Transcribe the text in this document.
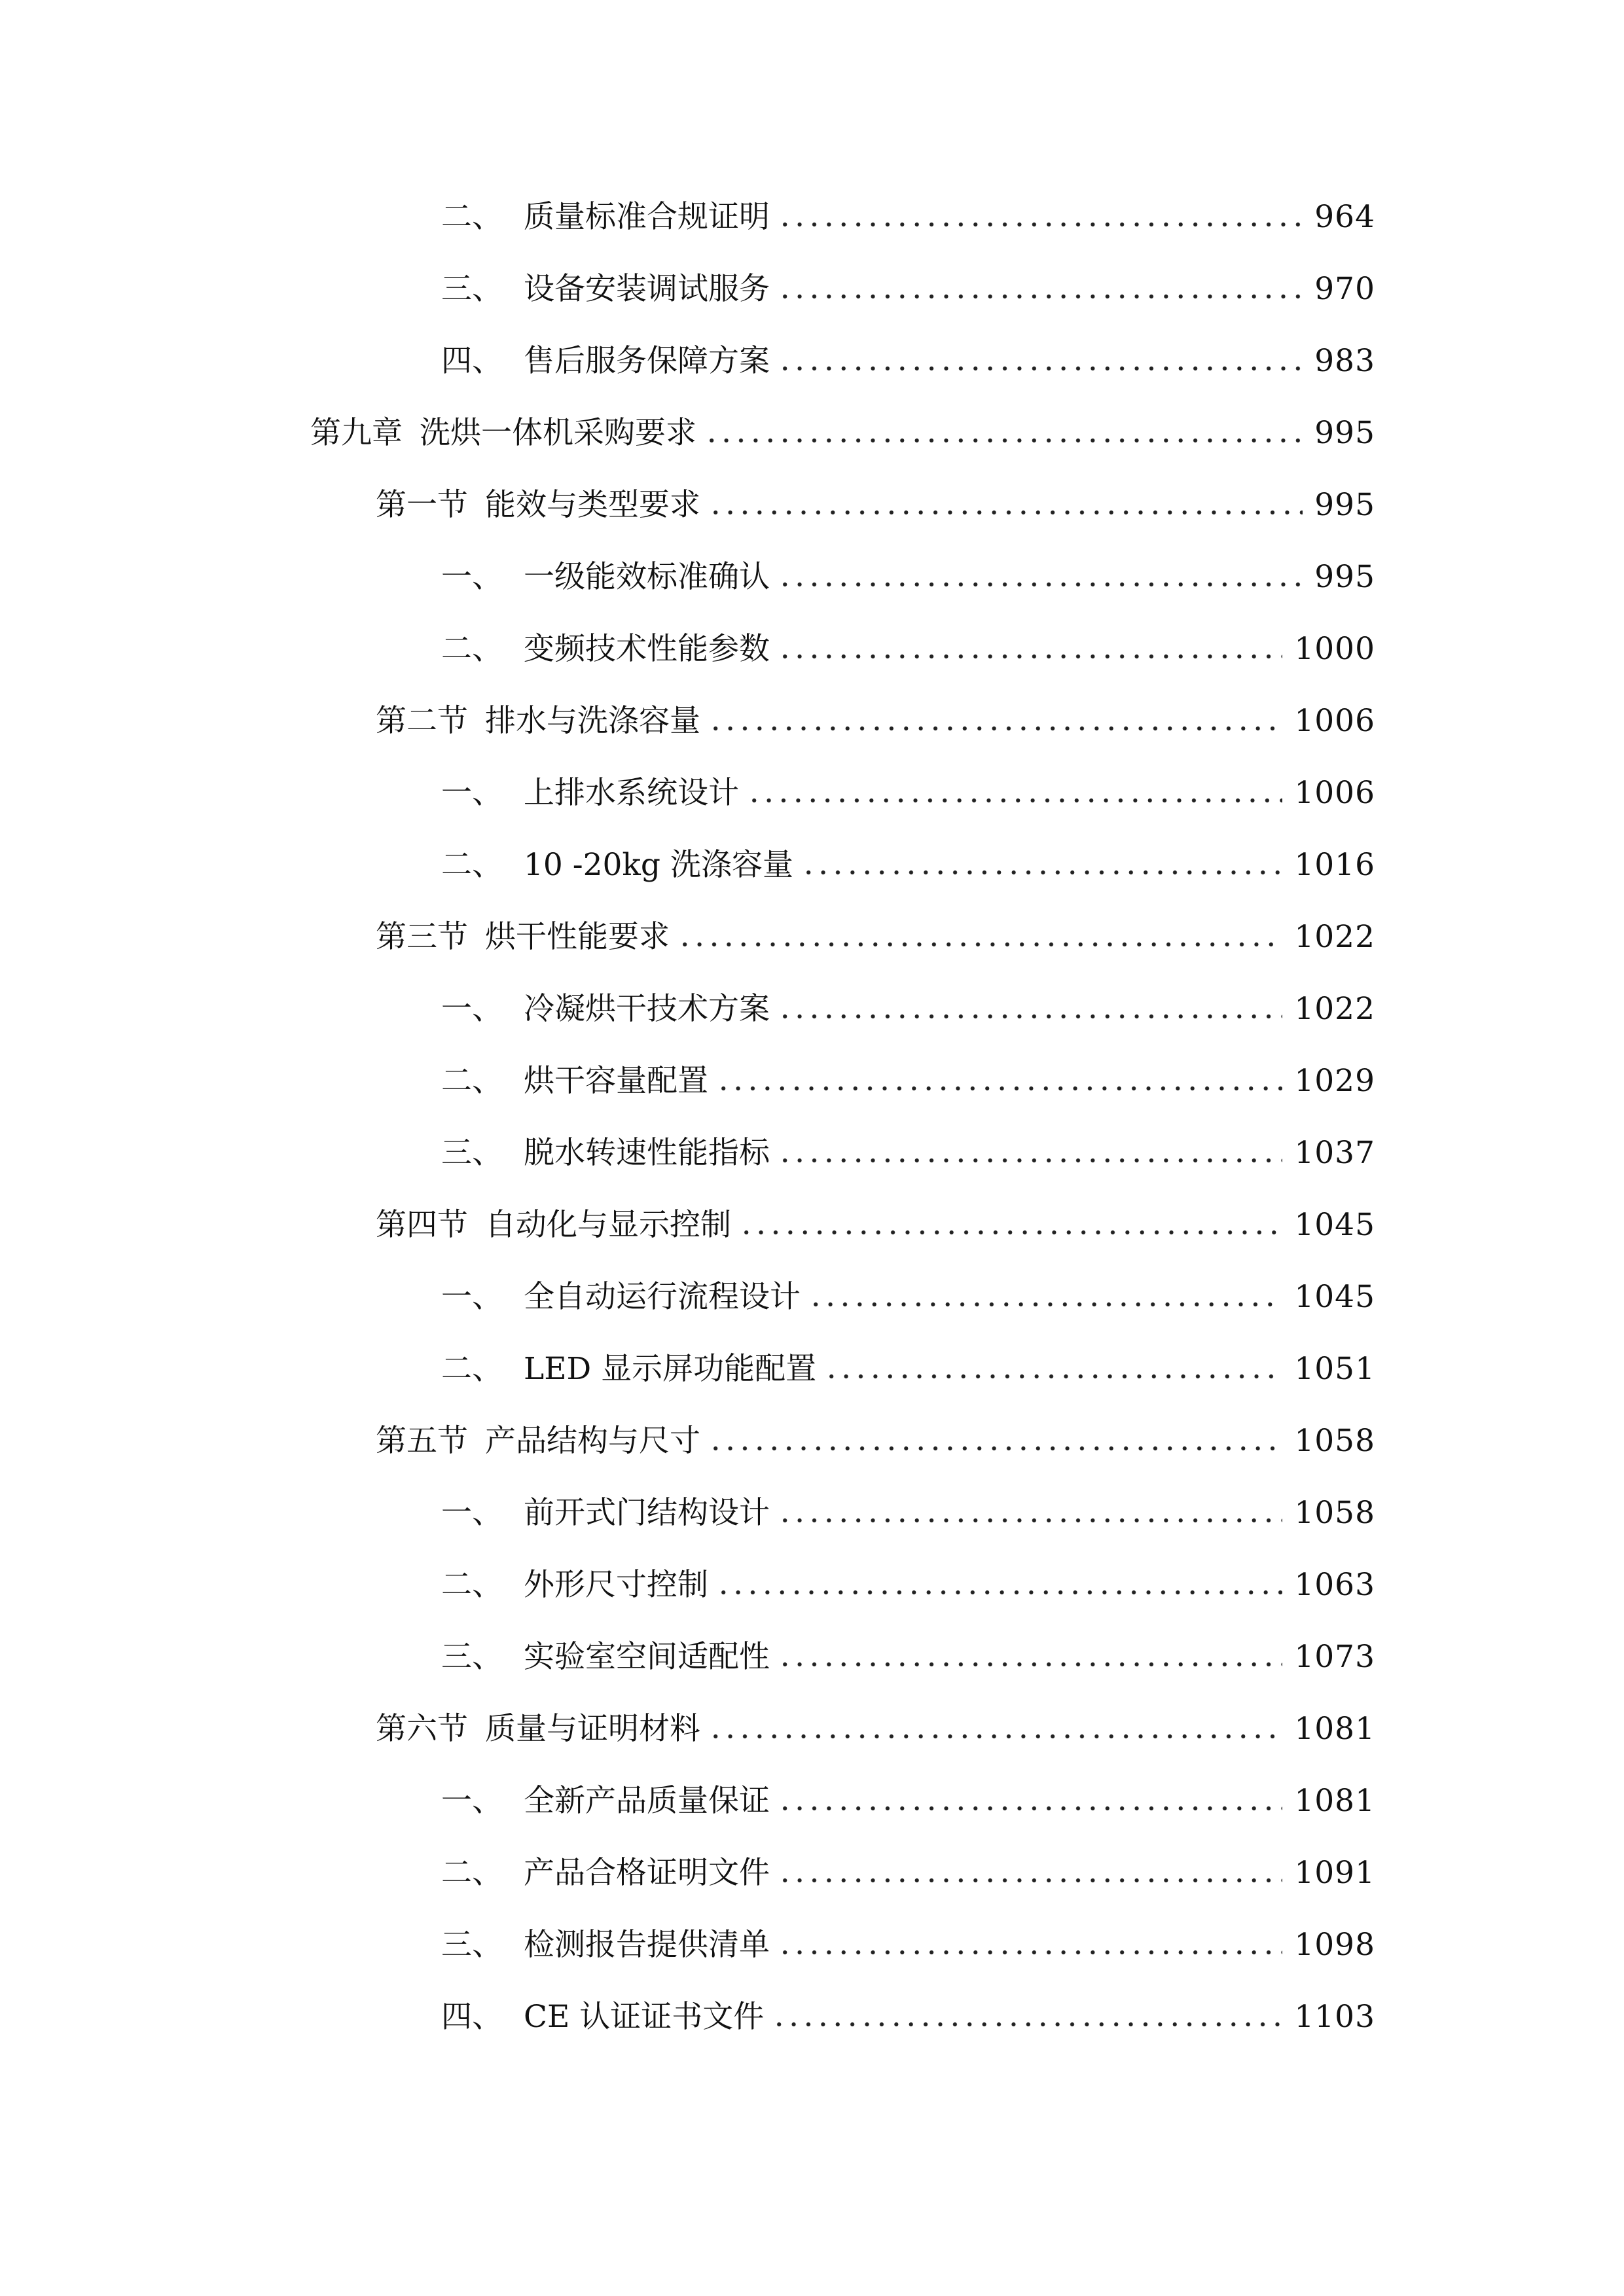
二、 质量标准合规证明	964
三、 设备安装调试服务	970
四、 售后服务保障方案	983
第九章 洗烘一体机采购要求	995
第一节 能效与类型要求	995
一、 一级能效标准确认	995
二、 变频技术性能参数	1000
第二节 排水与洗涤容量	1006
一、 上排水系统设计	1006
二、 10 -20kg 洗涤容量	1016
第三节 烘干性能要求	1022
一、 冷凝烘干技术方案	1022
二、 烘干容量配置	1029
三、 脱水转速性能指标	1037
第四节 自动化与显示控制	1045
一、 全自动运行流程设计	1045
二、 LED 显示屏功能配置	1051
第五节 产品结构与尺寸	1058
一、 前开式门结构设计	1058
二、 外形尺寸控制	1063
三、 实验室空间适配性	1073
第六节 质量与证明材料	1081
一、 全新产品质量保证	1081
二、 产品合格证明文件	1091
三、 检测报告提供清单	1098
四、 CE 认证证书文件	1103
